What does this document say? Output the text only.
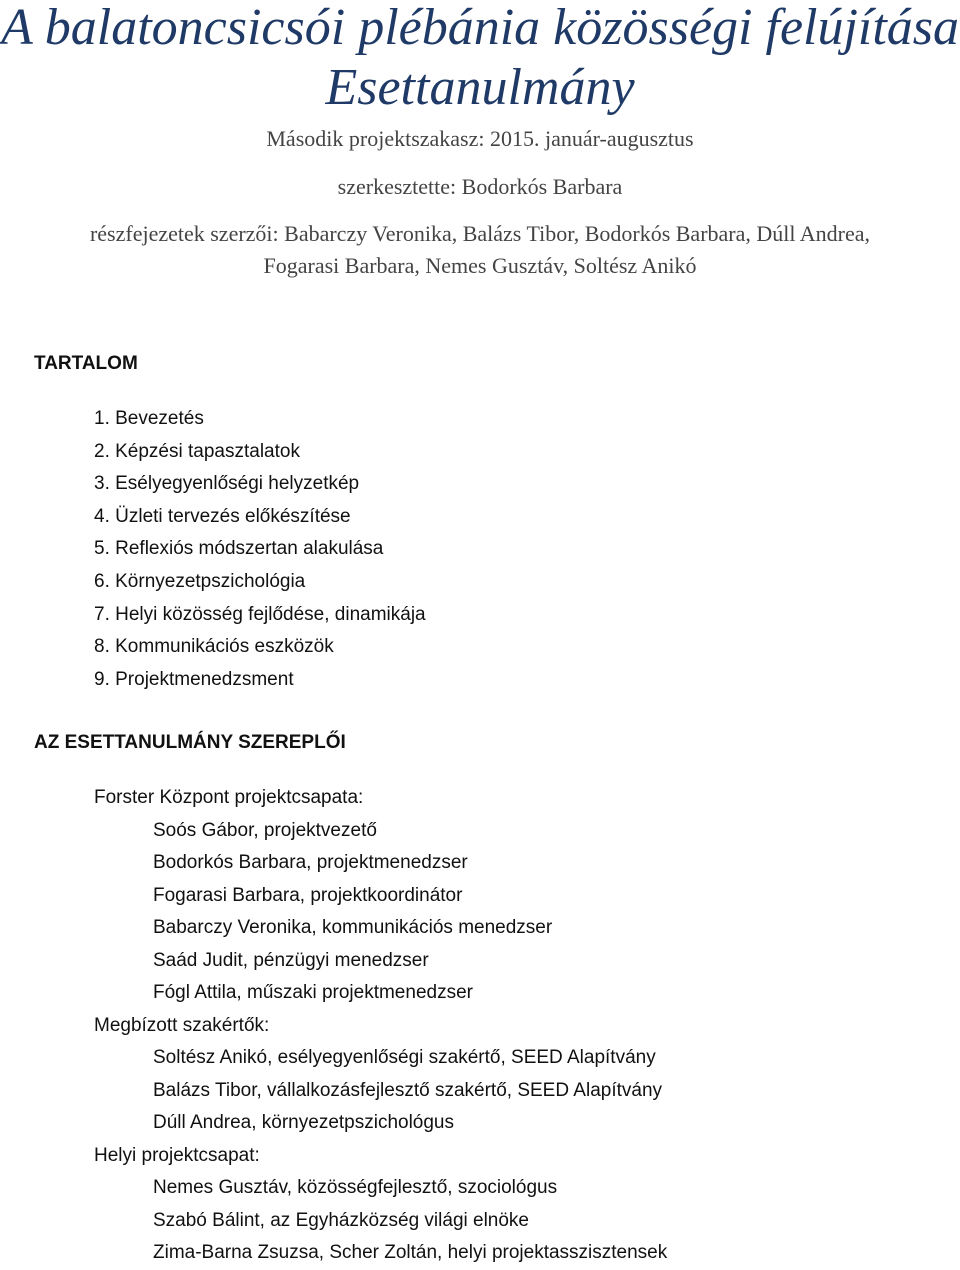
A balatoncsicsói plébánia közösségi felújítása
Esettanulmány
Második projektszakasz: 2015. január-augusztus
szerkesztette: Bodorkós Barbara
részfejezetek szerzői: Babarczy Veronika, Balázs Tibor, Bodorkós Barbara, Dúll Andrea,
Fogarasi Barbara, Nemes Gusztáv, Soltész Anikó
TARTALOM
1. Bevezetés
2. Képzési tapasztalatok
3. Esélyegyenlőségi helyzetkép
4. Üzleti tervezés előkészítése
5. Reflexiós módszertan alakulása
6. Környezetpszichológia
7. Helyi közösség fejlődése, dinamikája
8. Kommunikációs eszközök
9. Projektmenedzsment
AZ ESETTANULMÁNY SZEREPLŐI
Forster Központ projektcsapata:
Soós Gábor, projektvezető
Bodorkós Barbara, projektmenedzser
Fogarasi Barbara, projektkoordinátor
Babarczy Veronika, kommunikációs menedzser
Saád Judit, pénzügyi menedzser
Fógl Attila, műszaki projektmenedzser
Megbízott szakértők:
Soltész Anikó, esélyegyenlőségi szakértő, SEED Alapítvány
Balázs Tibor, vállalkozásfejlesztő szakértő, SEED Alapítvány
Dúll Andrea, környezetpszichológus
Helyi projektcsapat:
Nemes Gusztáv, közösségfejlesztő, szociológus
Szabó Bálint, az Egyházközség világi elnöke
Zima-Barna Zsuzsa, Scher Zoltán, helyi projektasszisztensek
